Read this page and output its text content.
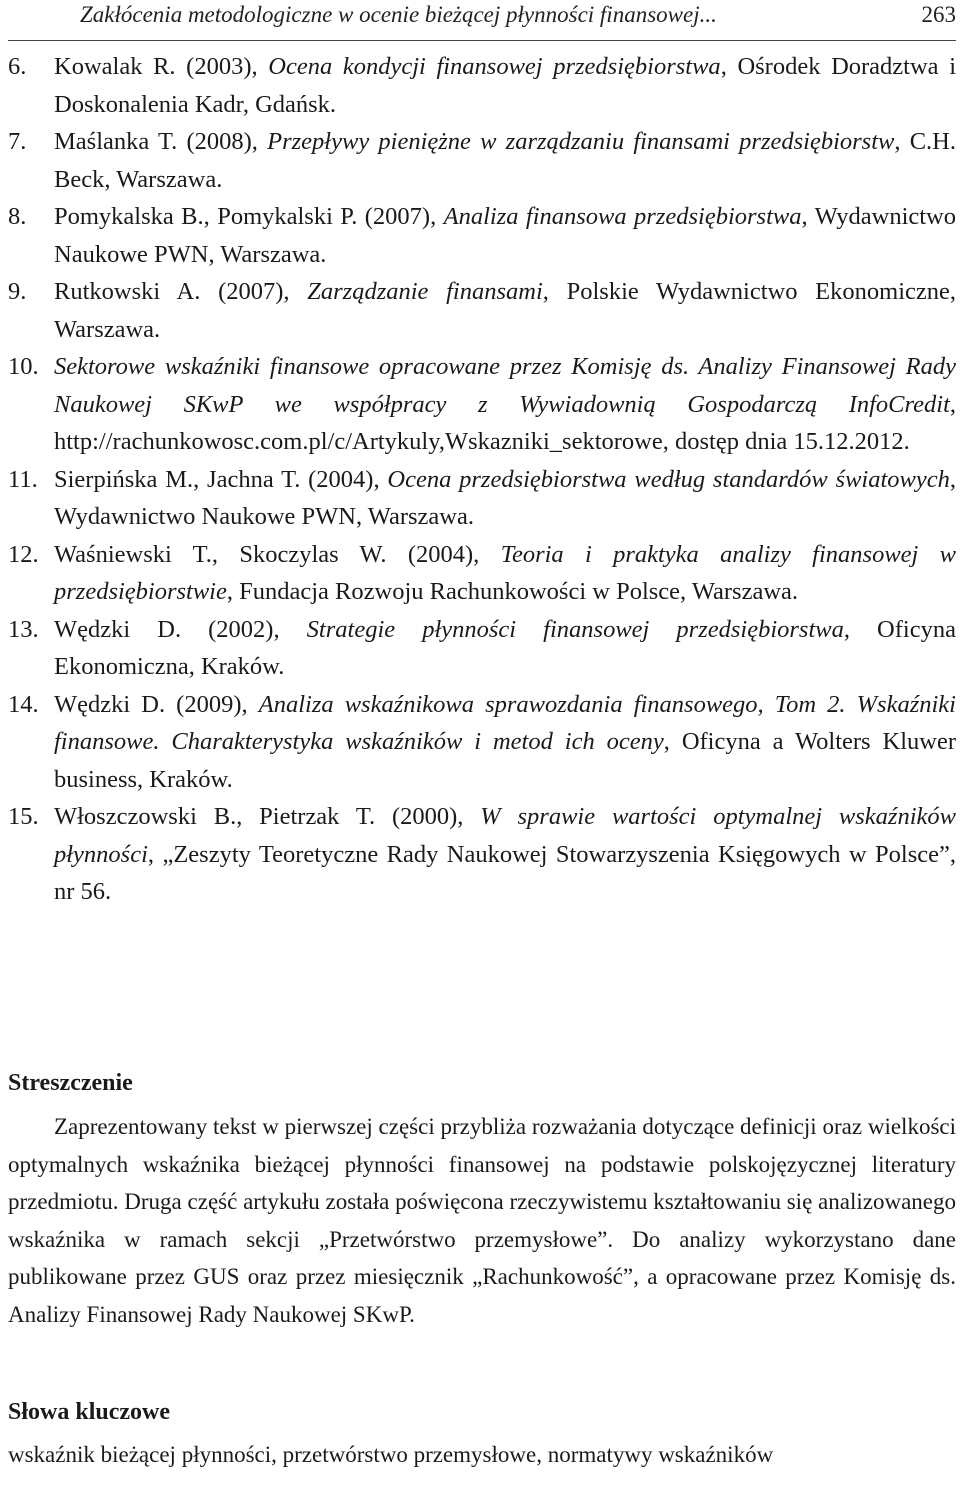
Zakłócenia metodologiczne w ocenie bieżącej płynności finansowej...	263
6. Kowalak R. (2003), Ocena kondycji finansowej przedsiębiorstwa, Ośrodek Doradztwa i Doskonalenia Kadr, Gdańsk.
7. Maślanka T. (2008), Przepływy pieniężne w zarządzaniu finansami przedsiębiorstw, C.H. Beck, Warszawa.
8. Pomykalska B., Pomykalski P. (2007), Analiza finansowa przedsiębiorstwa, Wydawnictwo Naukowe PWN, Warszawa.
9. Rutkowski A. (2007), Zarządzanie finansami, Polskie Wydawnictwo Ekonomiczne, Warszawa.
10. Sektorowe wskaźniki finansowe opracowane przez Komisję ds. Analizy Finansowej Rady Naukowej SKwP we współpracy z Wywiadownią Gospodarczą InfoCredit, http://rachunkowosc.com.pl/c/Artykuly,Wskazniki_sektorowe, dostęp dnia 15.12.2012.
11. Sierpińska M., Jachna T. (2004), Ocena przedsiębiorstwa według standardów światowych, Wydawnictwo Naukowe PWN, Warszawa.
12. Waśniewski T., Skoczylas W. (2004), Teoria i praktyka analizy finansowej w przedsiębiorstwie, Fundacja Rozwoju Rachunkowości w Polsce, Warszawa.
13. Wędzki D. (2002), Strategie płynności finansowej przedsiębiorstwa, Oficyna Ekonomiczna, Kraków.
14. Wędzki D. (2009), Analiza wskaźnikowa sprawozdania finansowego, Tom 2. Wskaźniki finansowe. Charakterystyka wskaźników i metod ich oceny, Oficyna a Wolters Kluwer business, Kraków.
15. Włoszczowski B., Pietrzak T. (2000), W sprawie wartości optymalnej wskaźników płynności, „Zeszyty Teoretyczne Rady Naukowej Stowarzyszenia Księgowych w Polsce”, nr 56.
Streszczenie

Zaprezentowany tekst w pierwszej części przybliża rozważania dotyczące definicji oraz wielkości optymalnych wskaźnika bieżącej płynności finansowej na podstawie polskojęzycznej literatury przedmiotu. Druga część artykułu została poświęcona rzeczywistemu kształtowaniu się analizowanego wskaźnika w ramach sekcji „Przetwórstwo przemysłowe”. Do analizy wykorzystano dane publikowane przez GUS oraz przez miesięcznik „Rachunkowość”, a opracowane przez Komisję ds. Analizy Finansowej Rady Naukowej SKwP.

Słowa kluczowe

wskaźnik bieżącej płynności, przetwórstwo przemysłowe, normatywy wskaźników
